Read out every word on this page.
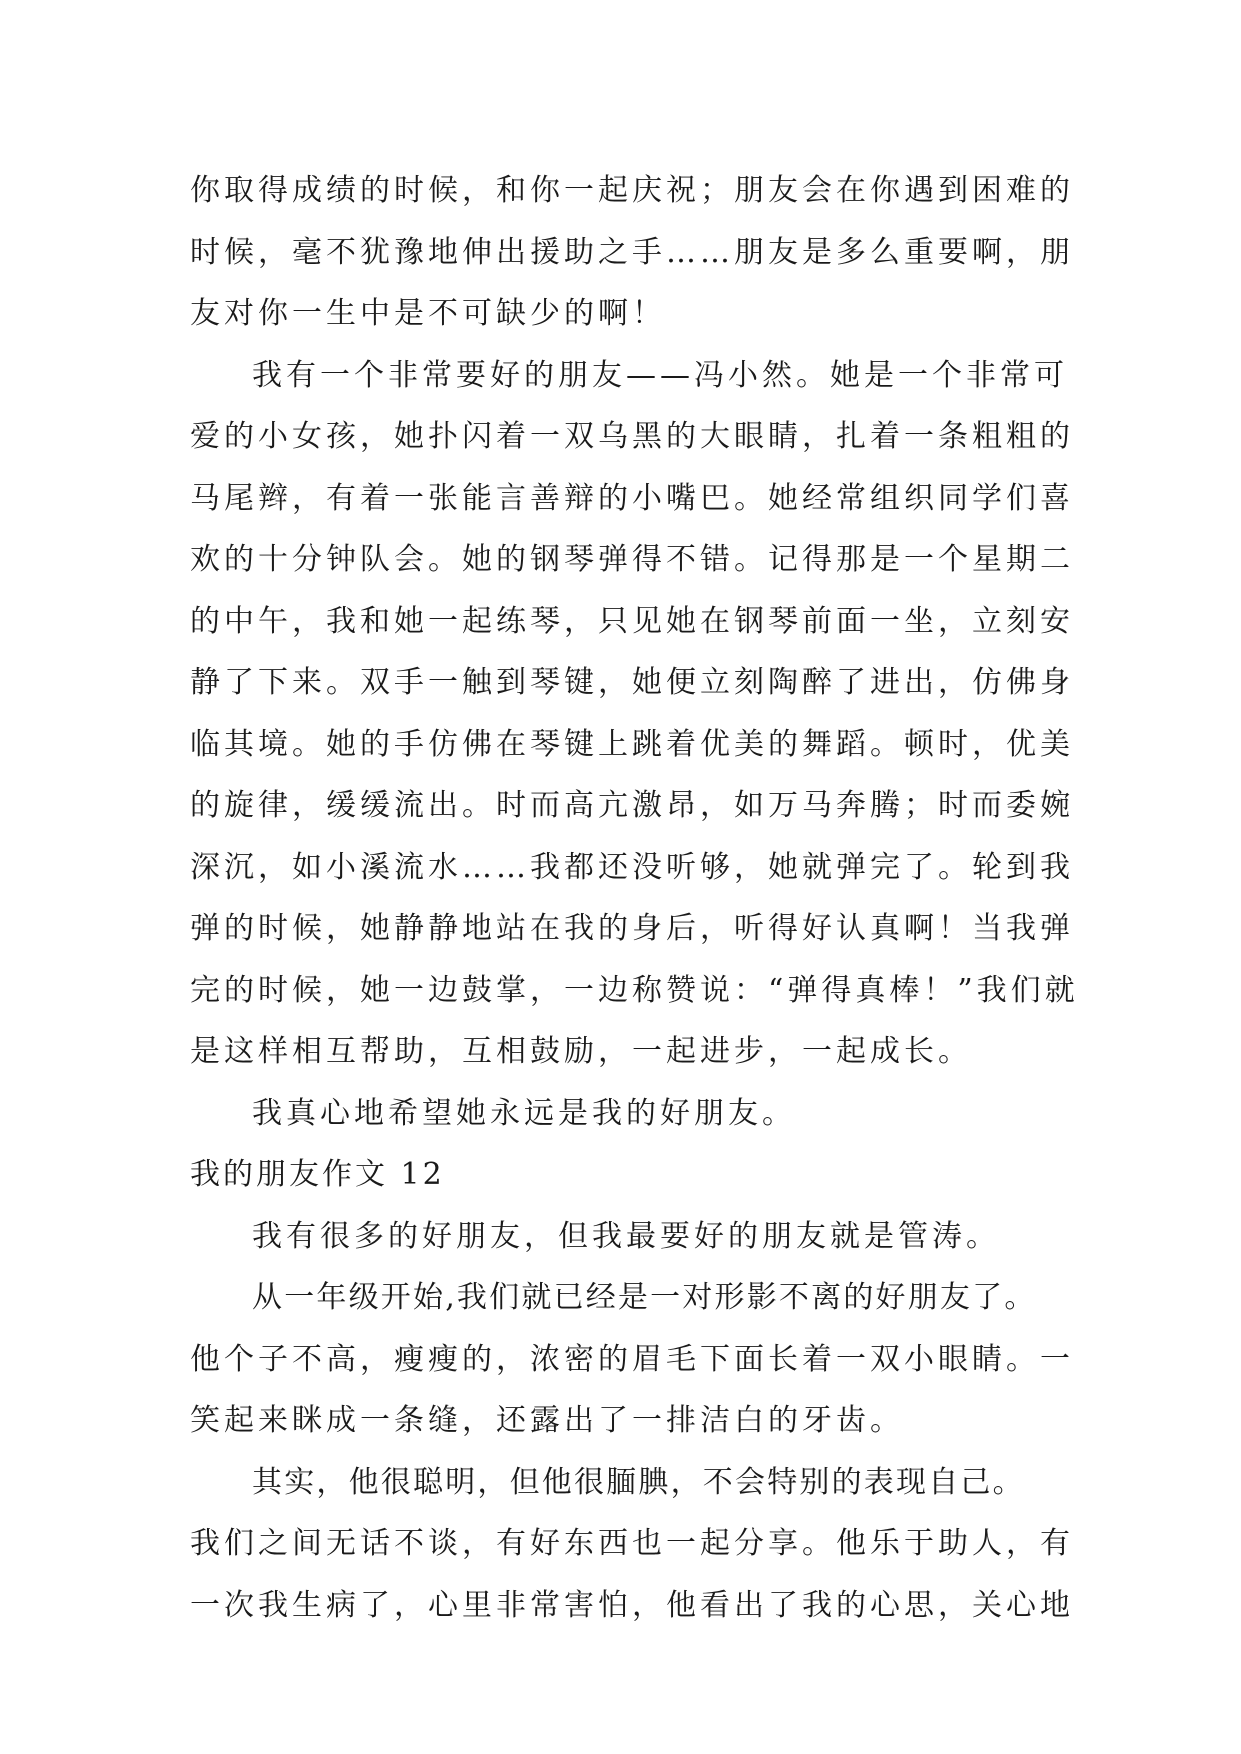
你取得成绩的时候，和你一起庆祝；朋友会在你遇到困难的
时候，毫不犹豫地伸出援助之手……朋友是多么重要啊，朋
友对你一生中是不可缺少的啊！
我有一个非常要好的朋友——冯小然。她是一个非常可
爱的小女孩，她扑闪着一双乌黑的大眼睛，扎着一条粗粗的
马尾辫，有着一张能言善辩的小嘴巴。她经常组织同学们喜
欢的十分钟队会。她的钢琴弹得不错。记得那是一个星期二
的中午，我和她一起练琴，只见她在钢琴前面一坐，立刻安
静了下来。双手一触到琴键，她便立刻陶醉了进出，仿佛身
临其境。她的手仿佛在琴键上跳着优美的舞蹈。顿时，优美
的旋律，缓缓流出。时而高亢激昂，如万马奔腾；时而委婉
深沉，如小溪流水……我都还没听够，她就弹完了。轮到我
弹的时候，她静静地站在我的身后，听得好认真啊！当我弹
完的时候，她一边鼓掌，一边称赞说：“弹得真棒！”我们就
是这样相互帮助，互相鼓励，一起进步，一起成长。
我真心地希望她永远是我的好朋友。
我的朋友作文 12
我有很多的好朋友，但我最要好的朋友就是管涛。
从一年级开始,我们就已经是一对形影不离的好朋友了。
他个子不高，瘦瘦的，浓密的眉毛下面长着一双小眼睛。一
笑起来眯成一条缝，还露出了一排洁白的牙齿。
其实，他很聪明，但他很腼腆，不会特别的表现自己。
我们之间无话不谈，有好东西也一起分享。他乐于助人，有
一次我生病了，心里非常害怕，他看出了我的心思，关心地
